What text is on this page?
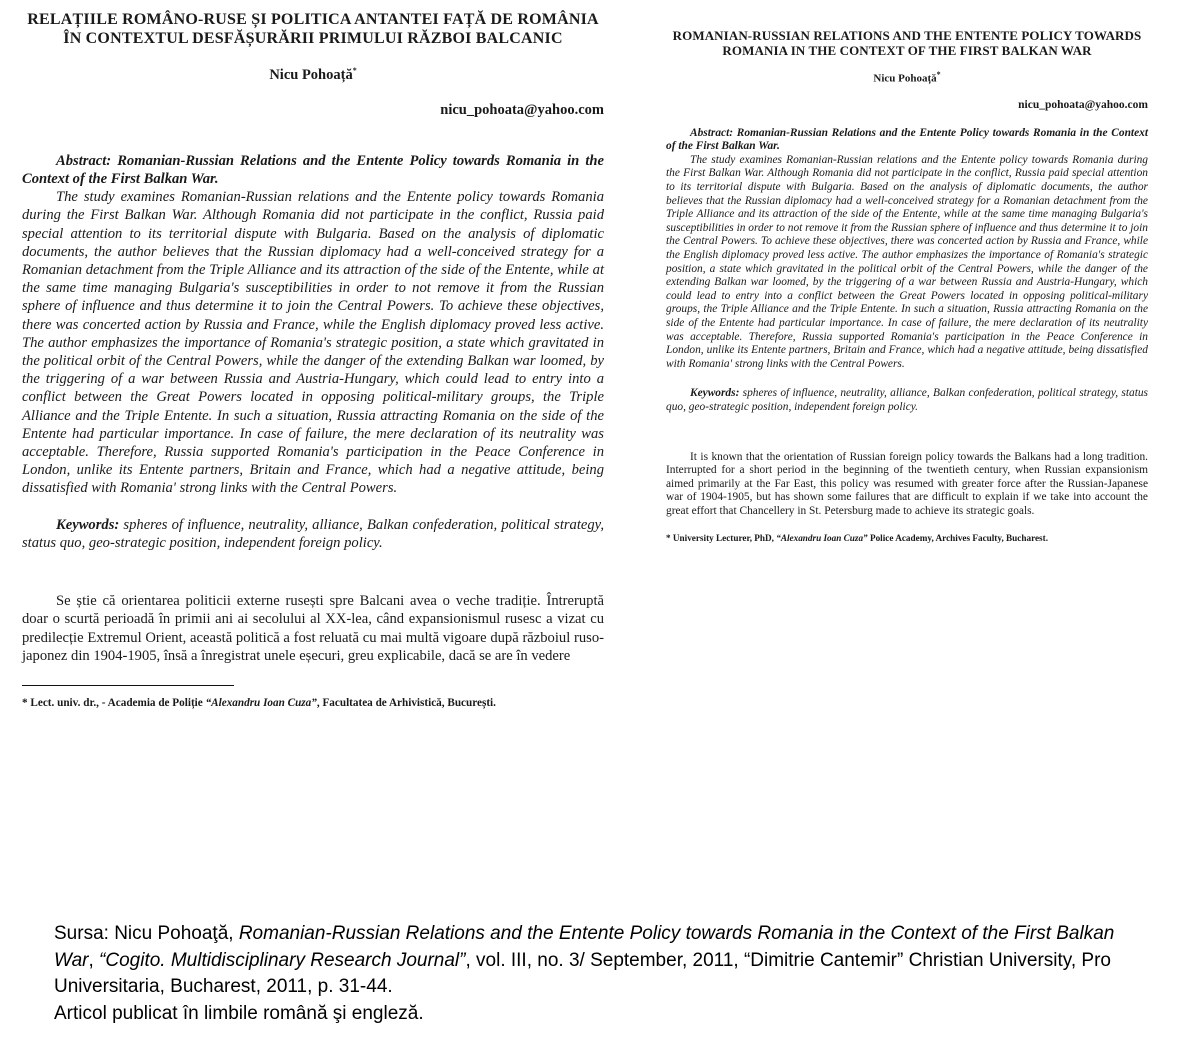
RELAȚIILE ROMÂNO-RUSE ȘI POLITICA ANTANTEI FAȚĂ DE ROMÂNIA ÎN CONTEXTUL DESFĂȘURĂRII PRIMULUI RĂZBOI BALCANIC
Nicu Pohoață*
nicu_pohoata@yahoo.com
Abstract: Romanian-Russian Relations and the Entente Policy towards Romania in the Context of the First Balkan War.
The study examines Romanian-Russian relations and the Entente policy towards Romania during the First Balkan War. Although Romania did not participate in the conflict, Russia paid special attention to its territorial dispute with Bulgaria. Based on the analysis of diplomatic documents, the author believes that the Russian diplomacy had a well-conceived strategy for a Romanian detachment from the Triple Alliance and its attraction of the side of the Entente, while at the same time managing Bulgaria's susceptibilities in order to not remove it from the Russian sphere of influence and thus determine it to join the Central Powers. To achieve these objectives, there was concerted action by Russia and France, while the English diplomacy proved less active. The author emphasizes the importance of Romania's strategic position, a state which gravitated in the political orbit of the Central Powers, while the danger of the extending Balkan war loomed, by the triggering of a war between Russia and Austria-Hungary, which could lead to entry into a conflict between the Great Powers located in opposing political-military groups, the Triple Alliance and the Triple Entente. In such a situation, Russia attracting Romania on the side of the Entente had particular importance. In case of failure, the mere declaration of its neutrality was acceptable. Therefore, Russia supported Romania's participation in the Peace Conference in London, unlike its Entente partners, Britain and France, which had a negative attitude, being dissatisfied with Romania' strong links with the Central Powers.
Keywords: spheres of influence, neutrality, alliance, Balkan confederation, political strategy, status quo, geo-strategic position, independent foreign policy.
Se știe că orientarea politicii externe rusești spre Balcani avea o veche tradiție. Întreruptă doar o scurtă perioadă în primii ani ai secolului al XX-lea, când expansionismul rusesc a vizat cu predilecție Extremul Orient, această politică a fost reluată cu mai multă vigoare după războiul ruso-japonez din 1904-1905, însă a înregistrat unele eșecuri, greu explicabile, dacă se are în vedere
* Lect. univ. dr., - Academia de Poliție “Alexandru Ioan Cuza”, Facultatea de Arhivistică, București.
ROMANIAN-RUSSIAN RELATIONS AND THE ENTENTE POLICY TOWARDS ROMANIA IN THE CONTEXT OF THE FIRST BALKAN WAR
Nicu Pohoață*
nicu_pohoata@yahoo.com
Abstract: Romanian-Russian Relations and the Entente Policy towards Romania in the Context of the First Balkan War.
The study examines Romanian-Russian relations and the Entente policy towards Romania during the First Balkan War. Although Romania did not participate in the conflict, Russia paid special attention to its territorial dispute with Bulgaria. Based on the analysis of diplomatic documents, the author believes that the Russian diplomacy had a well-conceived strategy for a Romanian detachment from the Triple Alliance and its attraction of the side of the Entente, while at the same time managing Bulgaria's susceptibilities in order to not remove it from the Russian sphere of influence and thus determine it to join the Central Powers. To achieve these objectives, there was concerted action by Russia and France, while the English diplomacy proved less active. The author emphasizes the importance of Romania's strategic position, a state which gravitated in the political orbit of the Central Powers, while the danger of the extending Balkan war loomed, by the triggering of a war between Russia and Austria-Hungary, which could lead to entry into a conflict between the Great Powers located in opposing political-military groups, the Triple Alliance and the Triple Entente. In such a situation, Russia attracting Romania on the side of the Entente had particular importance. In case of failure, the mere declaration of its neutrality was acceptable. Therefore, Russia supported Romania's participation in the Peace Conference in London, unlike its Entente partners, Britain and France, which had a negative attitude, being dissatisfied with Romania' strong links with the Central Powers.
Keywords: spheres of influence, neutrality, alliance, Balkan confederation, political strategy, status quo, geo-strategic position, independent foreign policy.
It is known that the orientation of Russian foreign policy towards the Balkans had a long tradition. Interrupted for a short period in the beginning of the twentieth century, when Russian expansionism aimed primarily at the Far East, this policy was resumed with greater force after the Russian-Japanese war of 1904-1905, but has shown some failures that are difficult to explain if we take into account the great effort that Chancellery in St. Petersburg made to achieve its strategic goals.
* University Lecturer, PhD, “Alexandru Ioan Cuza” Police Academy, Archives Faculty, Bucharest.
Sursa: Nicu Pohoaţă, Romanian-Russian Relations and the Entente Policy towards Romania in the Context of the First Balkan War, “Cogito. Multidisciplinary Research Journal”, vol. III, no. 3/ September, 2011, “Dimitrie Cantemir” Christian University, Pro Universitaria, Bucharest, 2011, p. 31-44.
Articol publicat în limbile română şi engleză.
